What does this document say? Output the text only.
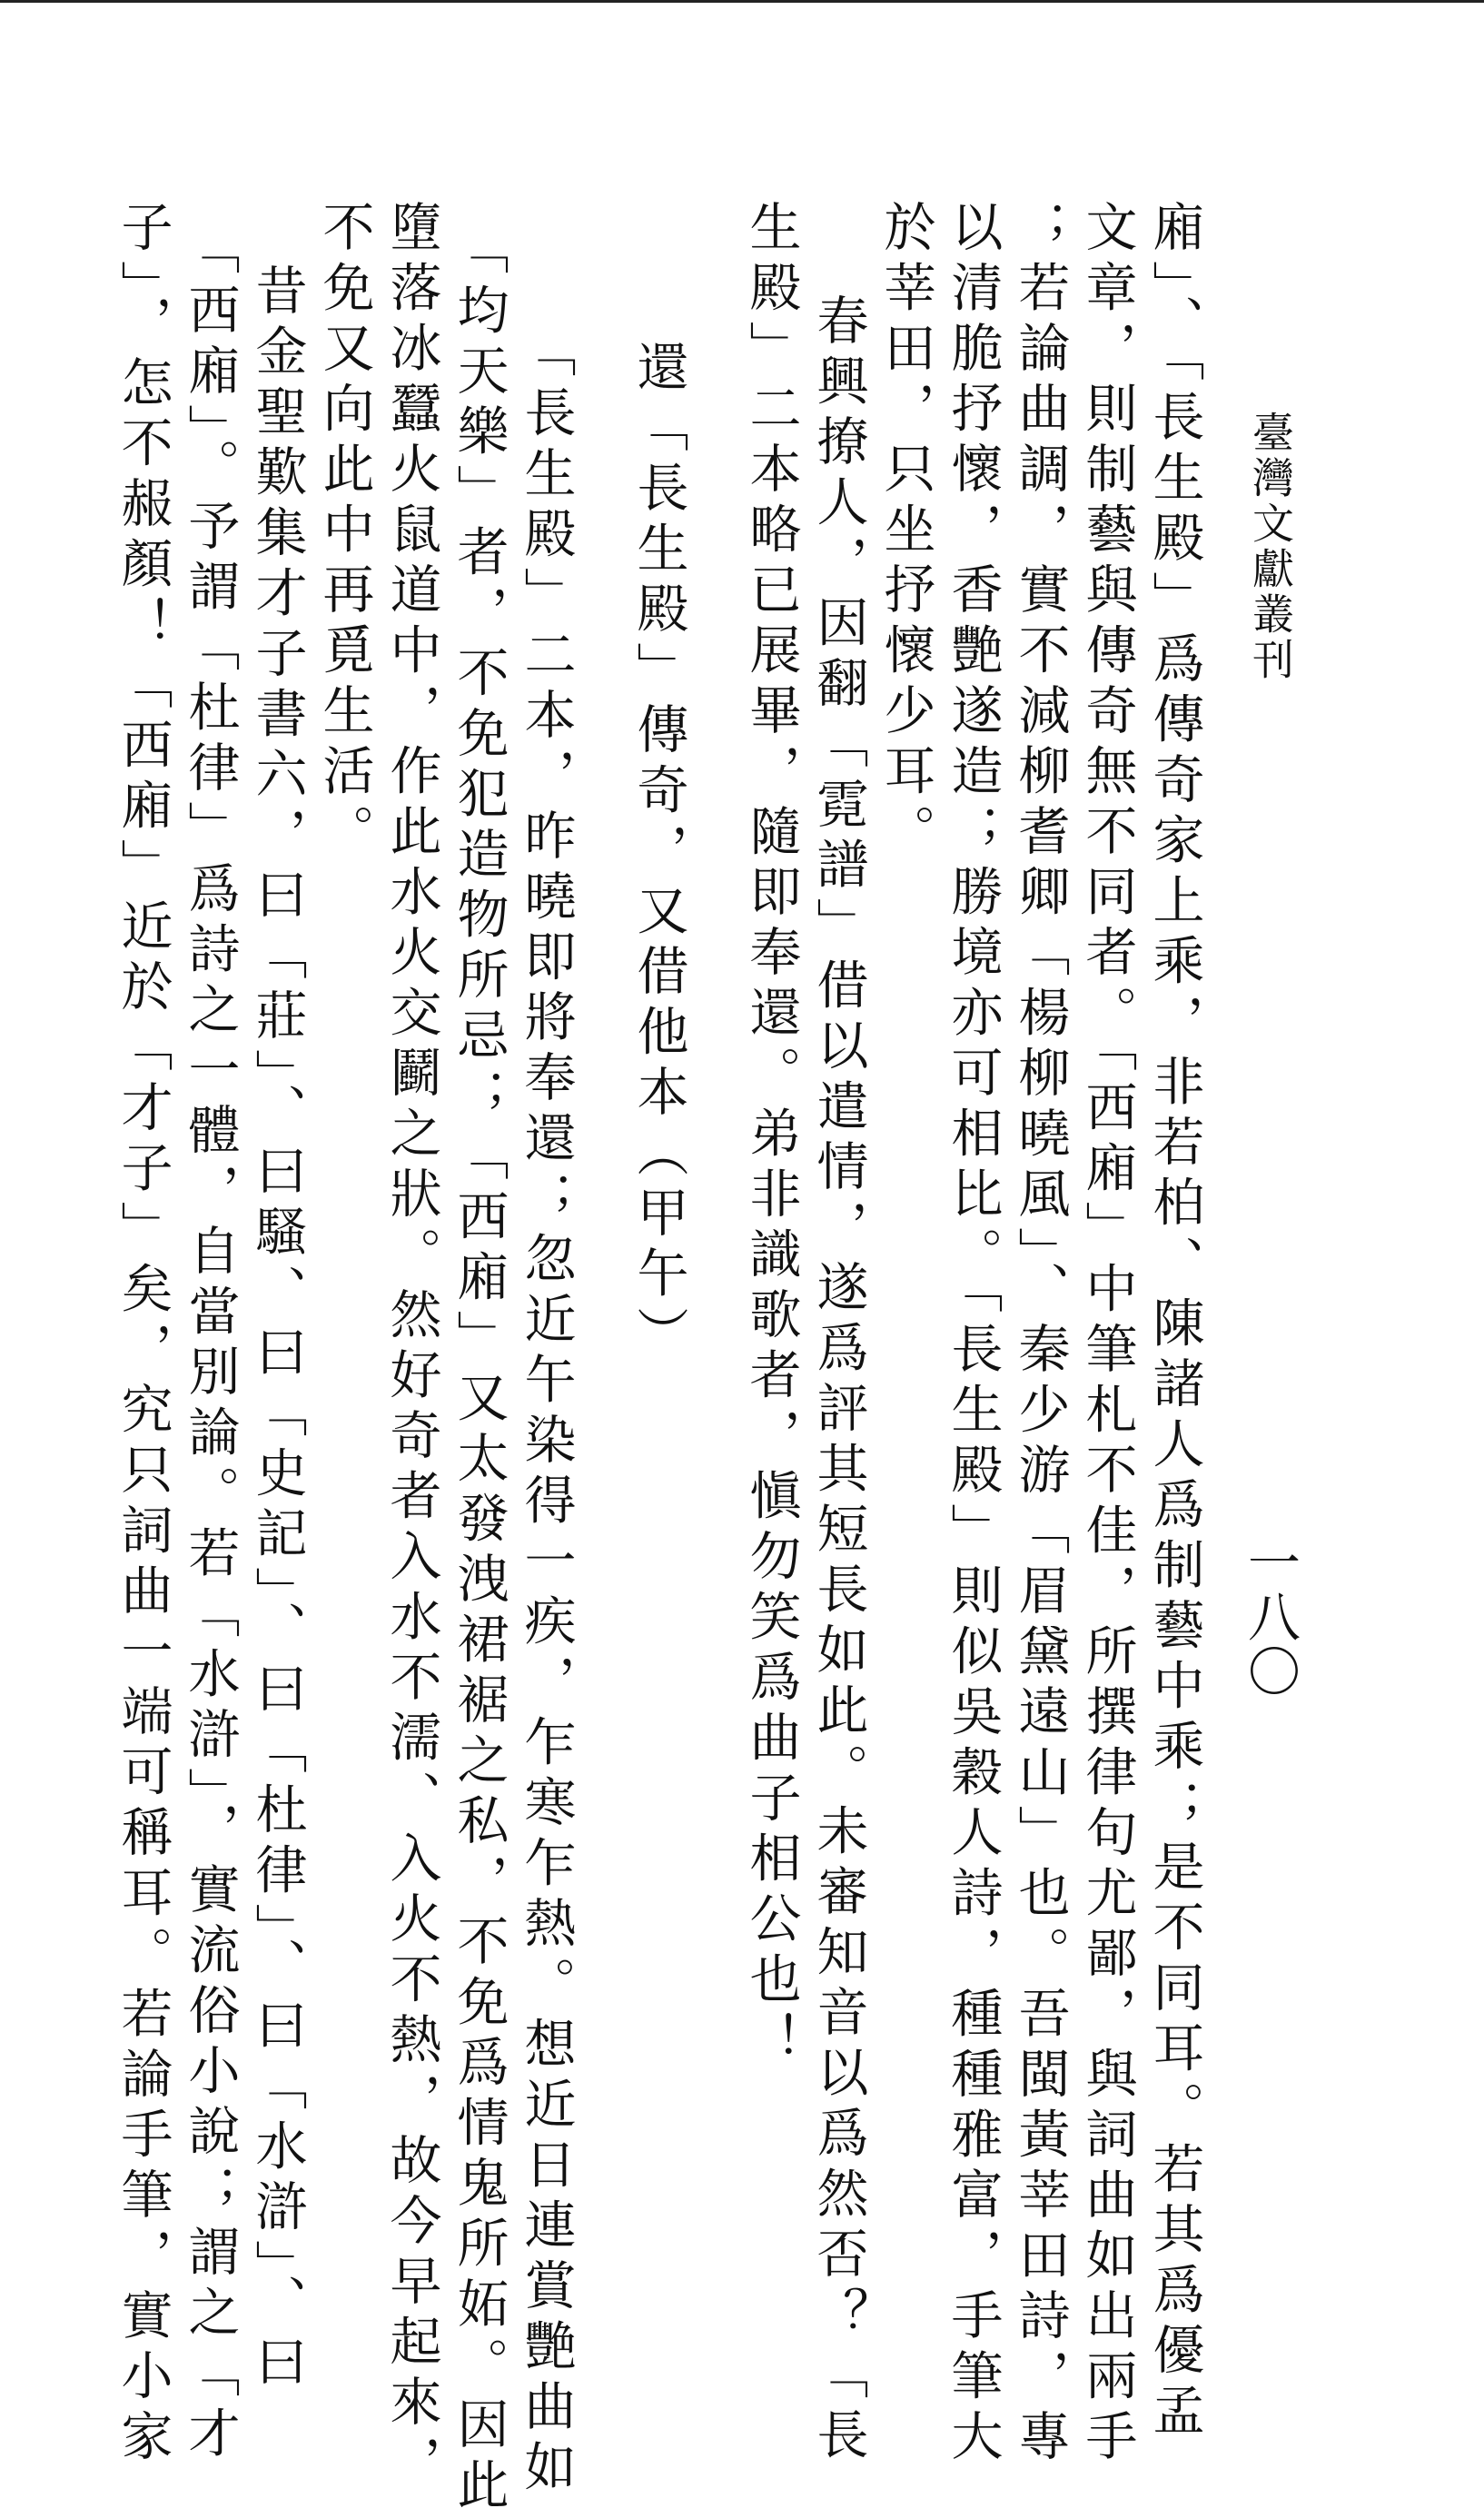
臺灣文獻叢刊
一八〇
廂」、「長生殿」爲傳奇家上乘，非若柏、陳諸人爲制藝中乘；是不同耳。若其爲優孟
文章，則制藝與傳奇無不同者。「西廂」中筆札不佳，所撰律句尤鄙，與詞曲如出兩手
；若論曲調，實不減柳耆卿「楊柳曉風」、秦少游「眉黛遠山」也。吾閩黃莘田詩，專
以清脆抒懷，香艷遂造；勝境亦可相比。「長生殿」則似吳穀人詩，種種雅富，手筆大
於莘田，只坐抒懷少耳。
春興撩人，因翻「霓譜」借以遣情，遂爲評其短長如此。未審知音以爲然否？「長
生殿」二本略已展畢，隨即奉還。弟非識歌者，愼勿笑爲曲子相公也！
還「長生殿」傳奇，又借他本（甲午）
「長生殿」二本，昨曉即將奉還；忽近午染得一疾，乍寒乍熱。想近日連賞艷曲如
「均天樂」者，不免犯造物所忌；「西廂」又太發洩裙裾之私，不免爲情鬼所妬。因此
墮落冰蠶火鼠道中，作此水火交鬬之狀。然好奇者入水不濡、入火不熱，故今早起來，
不免又向此中再覓生活。
昔金聖歎集才子書六，曰「莊」、曰騷、曰「史記」、曰「杜律」、曰「水滸」、曰
「西廂」。予謂「杜律」爲詩之一體，自當別論。若「水滸」，實流俗小說；謂之「才
子」，怎不赧顏！「西廂」近於「才子」矣，究只詞曲一端可稱耳。若論手筆，實小家
